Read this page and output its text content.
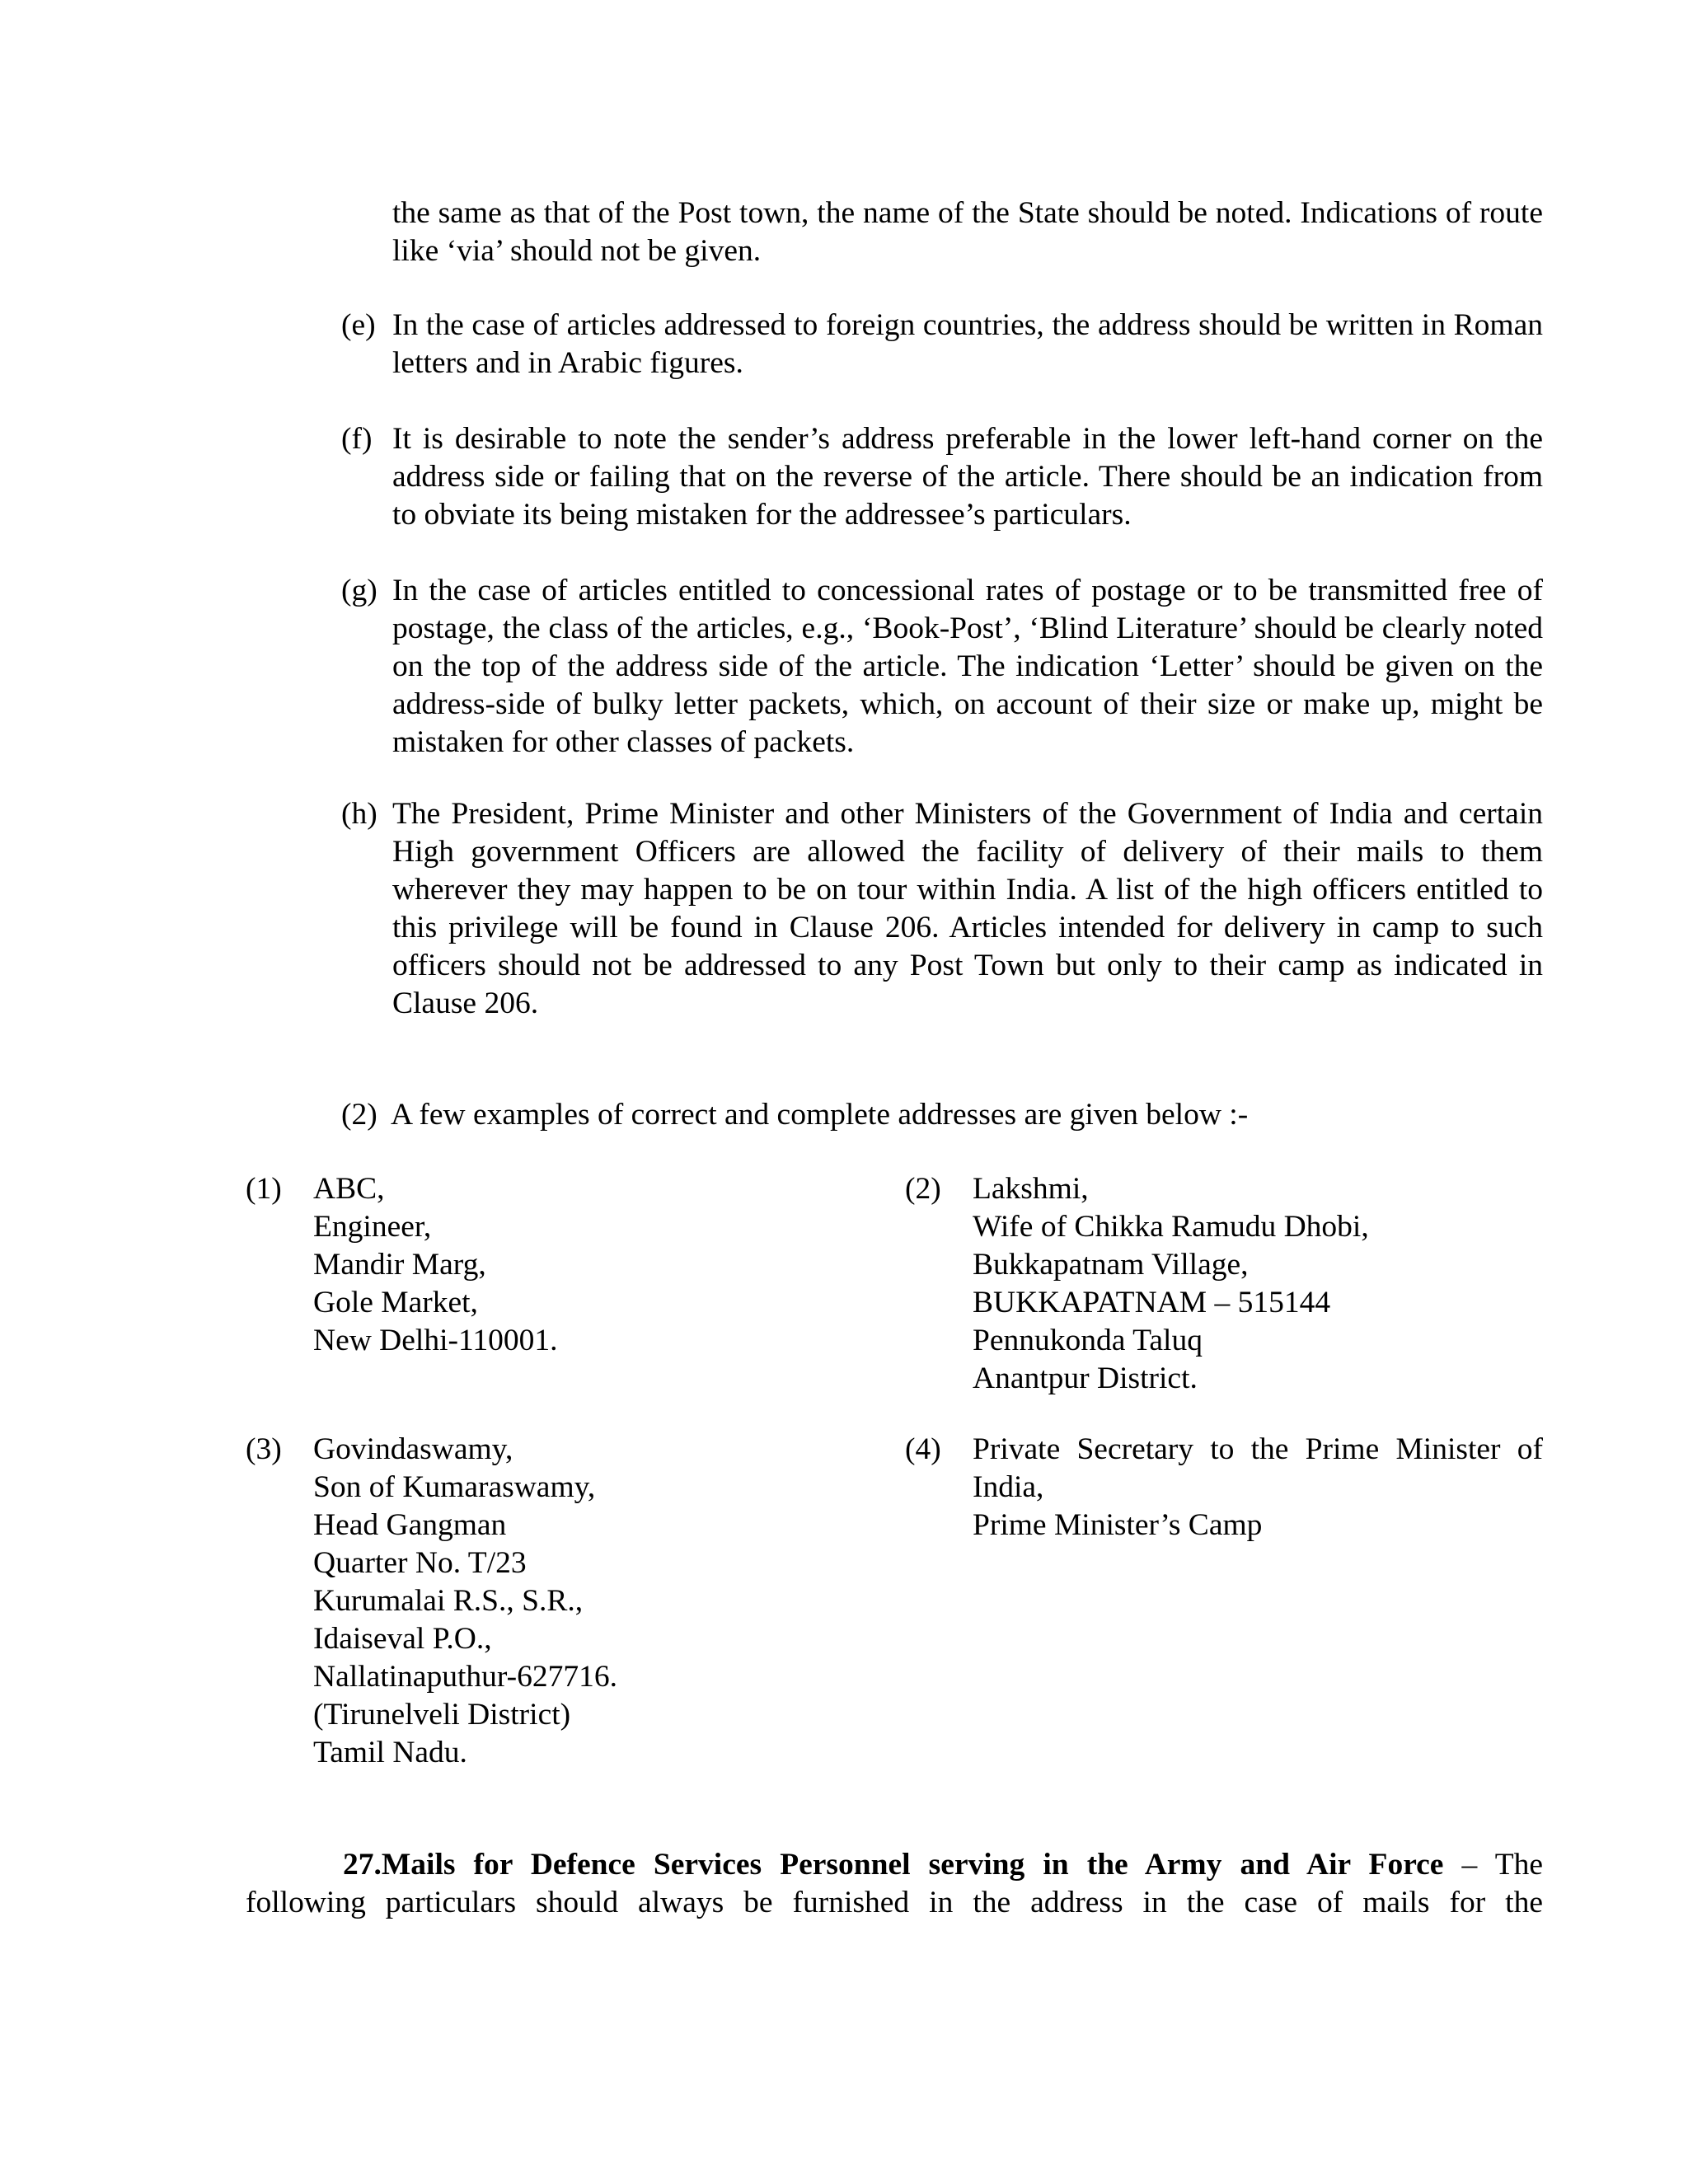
the same as that of the Post town, the name of the State should be noted. Indications of route like ‘via’ should not be given.
(e) In the case of articles addressed to foreign countries, the address should be written in Roman letters and in Arabic figures.
(f) It is desirable to note the sender’s address preferable in the lower left-hand corner on the address side or failing that on the reverse of the article. There should be an indication from to obviate its being mistaken for the addressee’s particulars.
(g) In the case of articles entitled to concessional rates of postage or to be transmitted free of postage, the class of the articles, e.g., ‘Book-Post’, ‘Blind Literature’ should be clearly noted on the top of the address side of the article. The indication ‘Letter’ should be given on the address-side of bulky letter packets, which, on account of their size or make up, might be mistaken for other classes of packets.
(h) The President, Prime Minister and other Ministers of the Government of India and certain High government Officers are allowed the facility of delivery of their mails to them wherever they may happen to be on tour within India. A list of the high officers entitled to this privilege will be found in Clause 206. Articles intended for delivery in camp to such officers should not be addressed to any Post Town but only to their camp as indicated in Clause 206.
(2) A few examples of correct and complete addresses are given below :-
(1)	ABC,
Engineer,
Mandir Marg,
Gole Market,
New Delhi-110001.
(2)	Lakshmi,
Wife of Chikka Ramudu Dhobi,
Bukkapatnam Village,
BUKKAPATNAM – 515144
Pennukonda Taluq
Anantpur District.
(3)	Govindaswamy,
Son of Kumaraswamy,
Head Gangman
Quarter No. T/23
Kurumalai R.S., S.R.,
Idaiseval P.O.,
Nallatinaputhur-627716.
(Tirunelveli District)
Tamil Nadu.
(4)	Private Secretary to the Prime Minister of India,
Prime Minister’s Camp
27.Mails for Defence Services Personnel serving in the Army and Air Force – The
following particulars should always be furnished in the address in the case of mails for the
